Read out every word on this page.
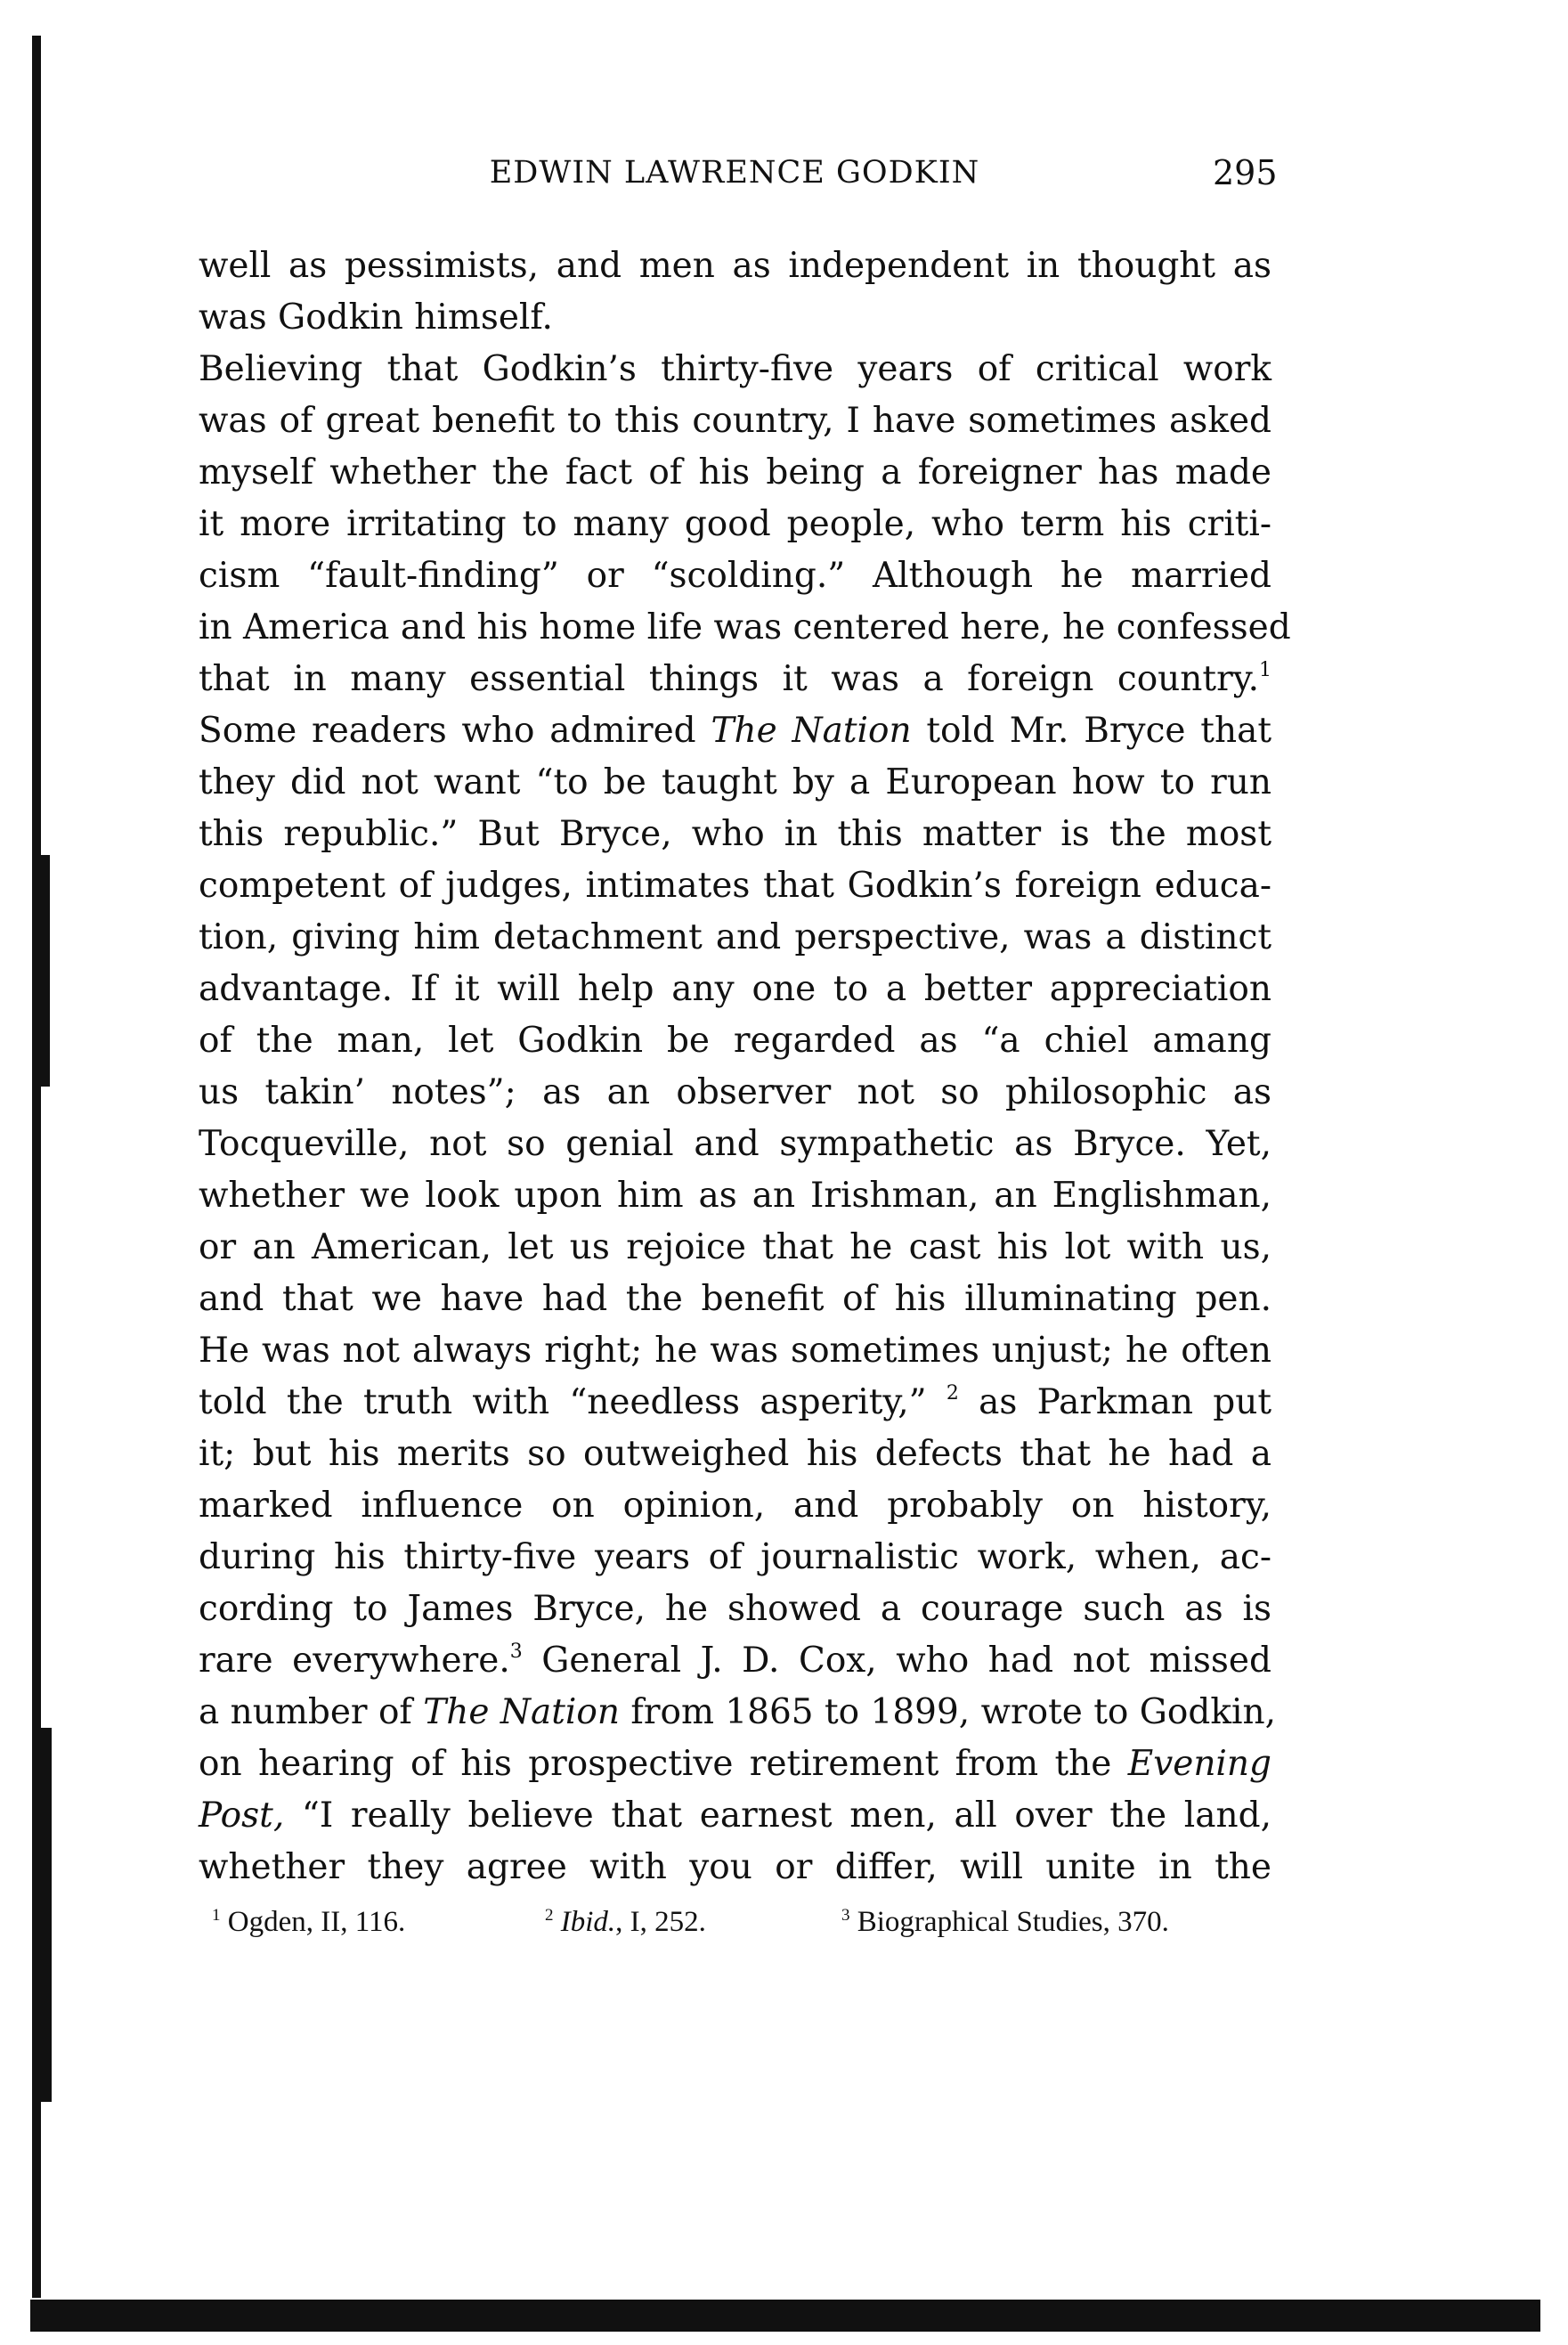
EDWIN LAWRENCE GODKIN	295
well as pessimists, and men as independent in thought as
was Godkin himself.
Believing that Godkin’s thirty-five years of critical work
was of great benefit to this country, I have sometimes asked
myself whether the fact of his being a foreigner has made
it more irritating to many good people, who term his criti-
cism “fault-finding” or “scolding.” Although he married
in America and his home life was centered here, he confessed
that in many essential things it was a foreign country.$^1$
Some readers who admired The Nation told Mr. Bryce that
they did not want “to be taught by a European how to run
this republic.” But Bryce, who in this matter is the most
competent of judges, intimates that Godkin’s foreign educa-
tion, giving him detachment and perspective, was a distinct
advantage. If it will help any one to a better appreciation
of the man, let Godkin be regarded as “a chiel amang
us takin’ notes”; as an observer not so philosophic as
Tocqueville, not so genial and sympathetic as Bryce. Yet,
whether we look upon him as an Irishman, an Englishman,
or an American, let us rejoice that he cast his lot with us,
and that we have had the benefit of his illuminating pen.
He was not always right; he was sometimes unjust; he often
told the truth with “needless asperity,” $^2$ as Parkman put
it; but his merits so outweighed his defects that he had a
marked influence on opinion, and probably on history,
during his thirty-five years of journalistic work, when, ac-
cording to James Bryce, he showed a courage such as is
rare everywhere.$^3$ General J. D. Cox, who had not missed
a number of The Nation from 1865 to 1899, wrote to Godkin,
on hearing of his prospective retirement from the Evening
Post, “I really believe that earnest men, all over the land,
whether they agree with you or differ, will unite in the
$^1$ Ogden, II, 116.	$^2$ Ibid., I, 252.	$^3$ Biographical Studies, 370.
